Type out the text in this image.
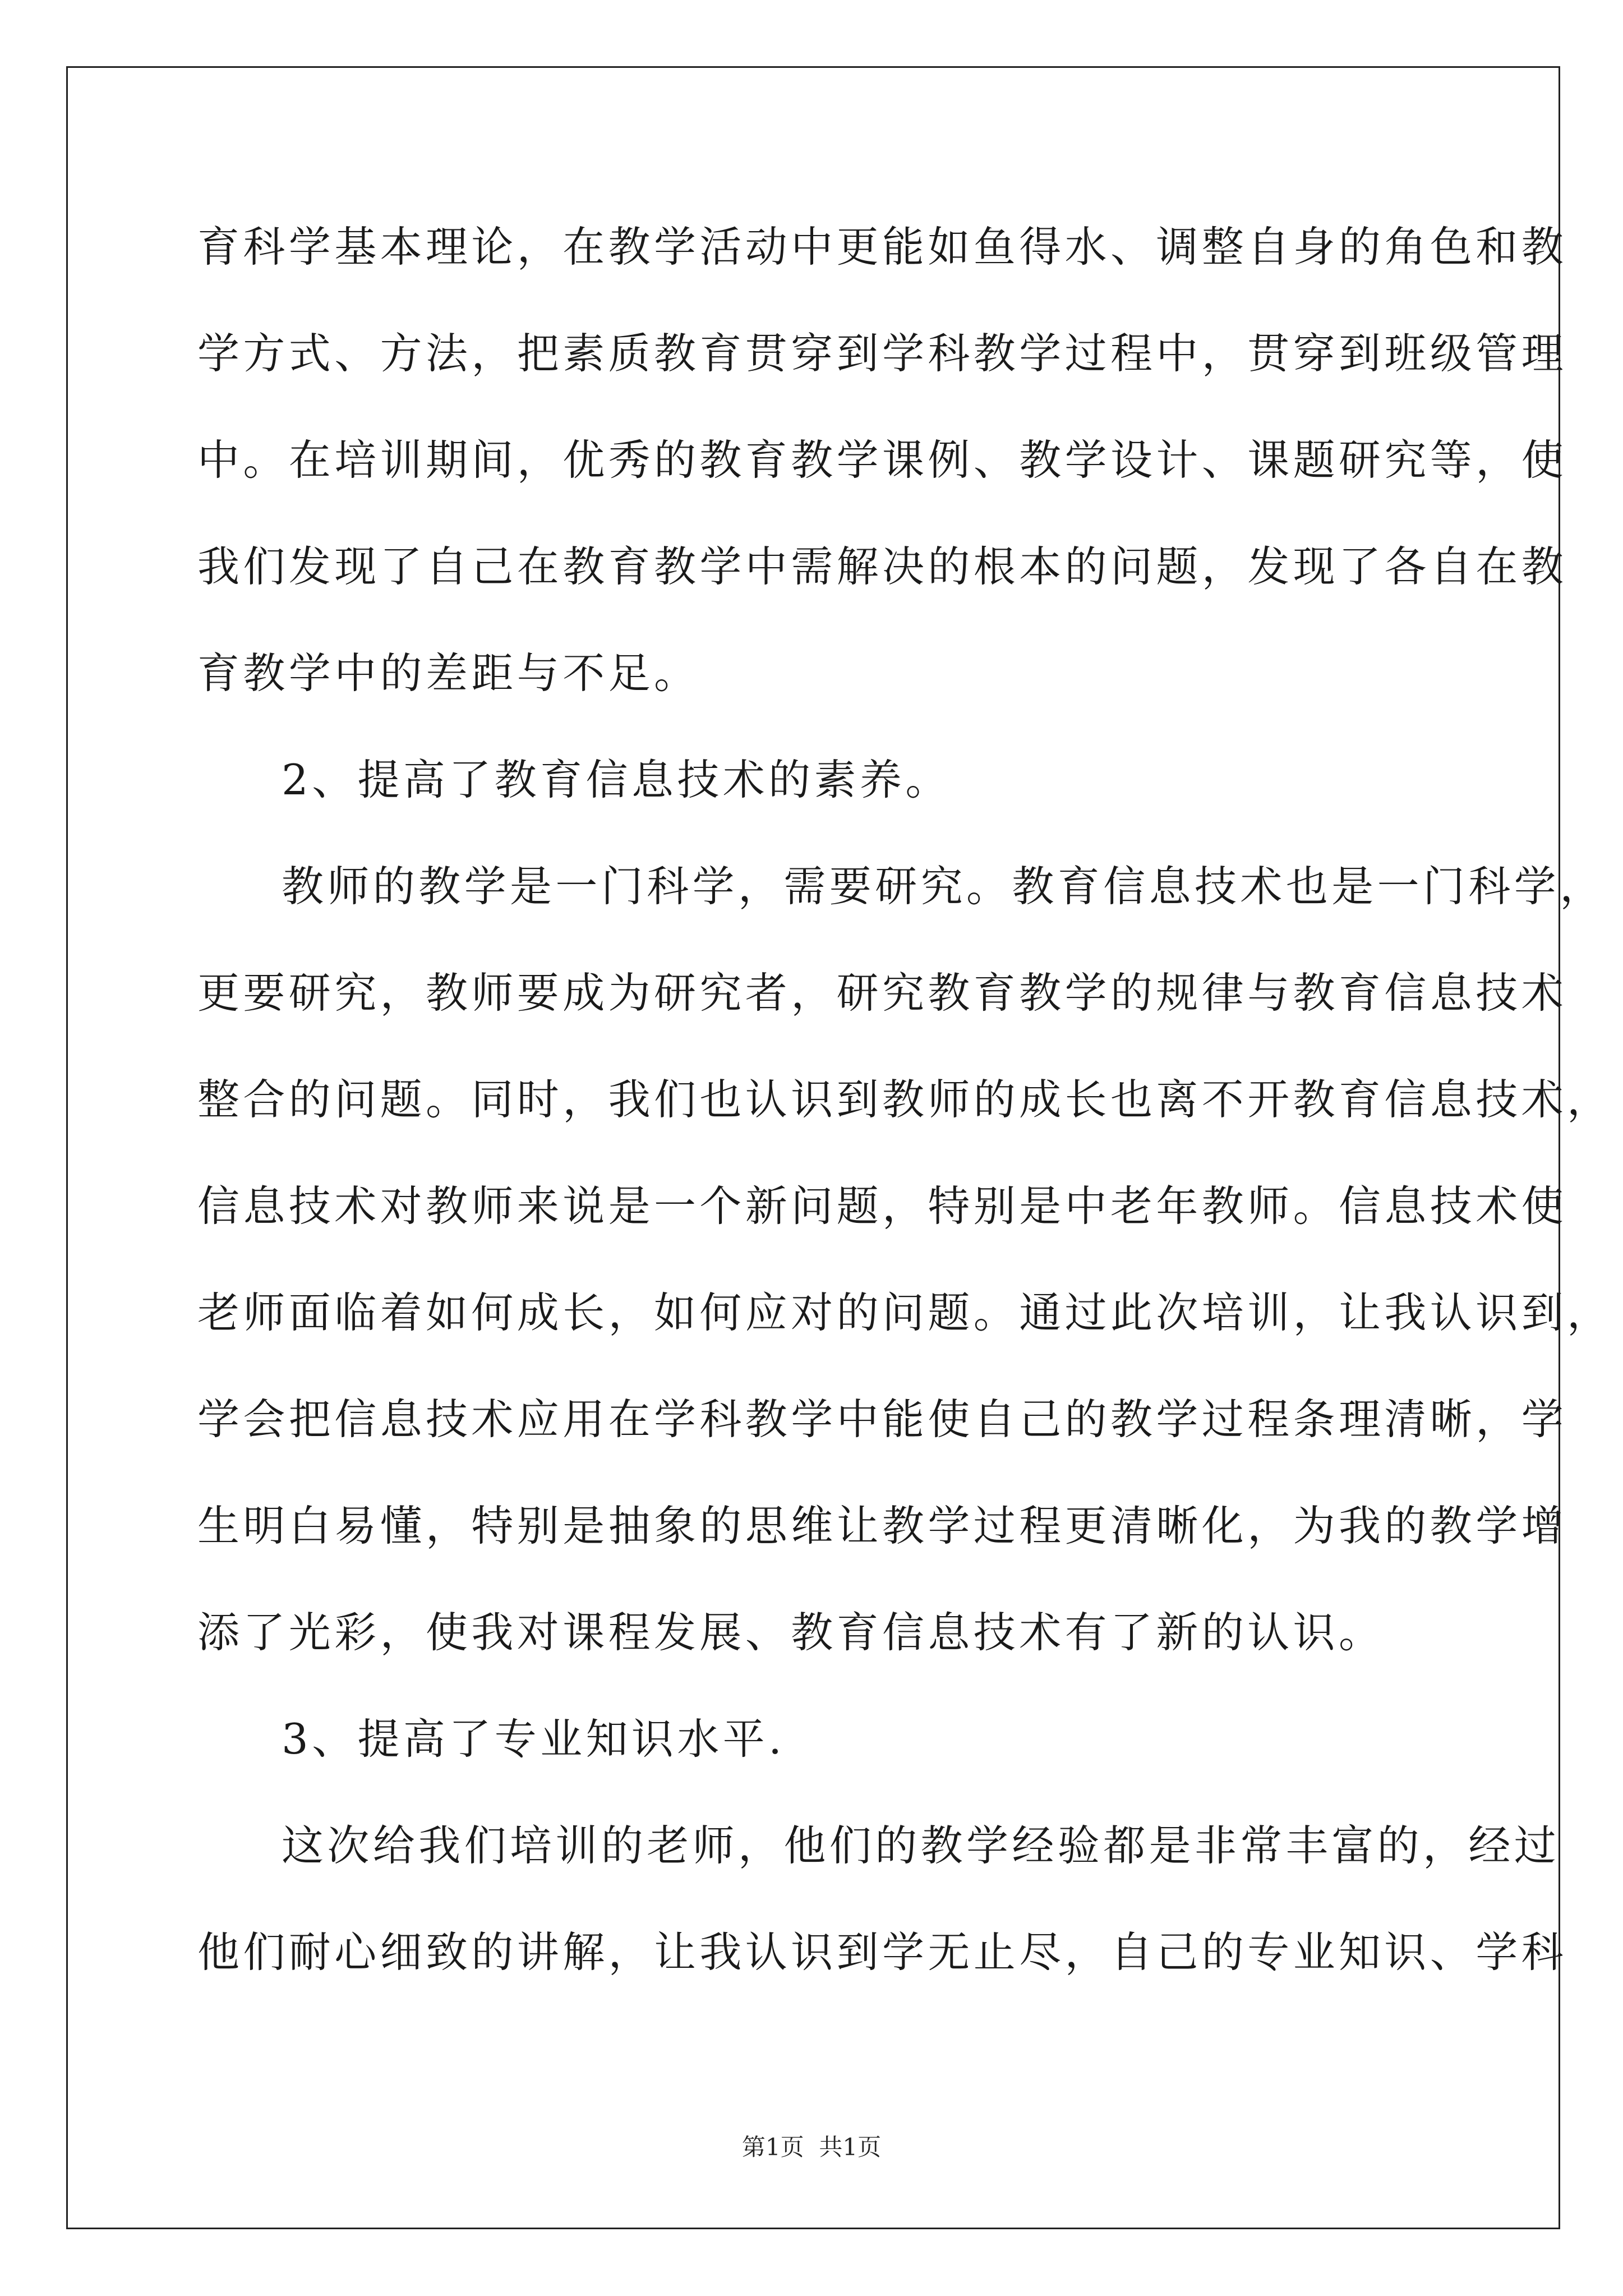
育科学基本理论，在教学活动中更能如鱼得水、调整自身的角色和教
学方式、方法，把素质教育贯穿到学科教学过程中，贯穿到班级管理
中。在培训期间，优秀的教育教学课例、教学设计、课题研究等，使
我们发现了自己在教育教学中需解决的根本的问题，发现了各自在教
育教学中的差距与不足。
2、提高了教育信息技术的素养。
教师的教学是一门科学，需要研究。教育信息技术也是一门科学，
更要研究，教师要成为研究者，研究教育教学的规律与教育信息技术
整合的问题。同时，我们也认识到教师的成长也离不开教育信息技术，
信息技术对教师来说是一个新问题，特别是中老年教师。信息技术使
老师面临着如何成长，如何应对的问题。通过此次培训，让我认识到，
学会把信息技术应用在学科教学中能使自己的教学过程条理清晰，学
生明白易懂，特别是抽象的思维让教学过程更清晰化，为我的教学增
添了光彩，使我对课程发展、教育信息技术有了新的认识。
3、提高了专业知识水平.
这次给我们培训的老师，他们的教学经验都是非常丰富的，经过
他们耐心细致的讲解，让我认识到学无止尽，自己的专业知识、学科
第1页  共1页
